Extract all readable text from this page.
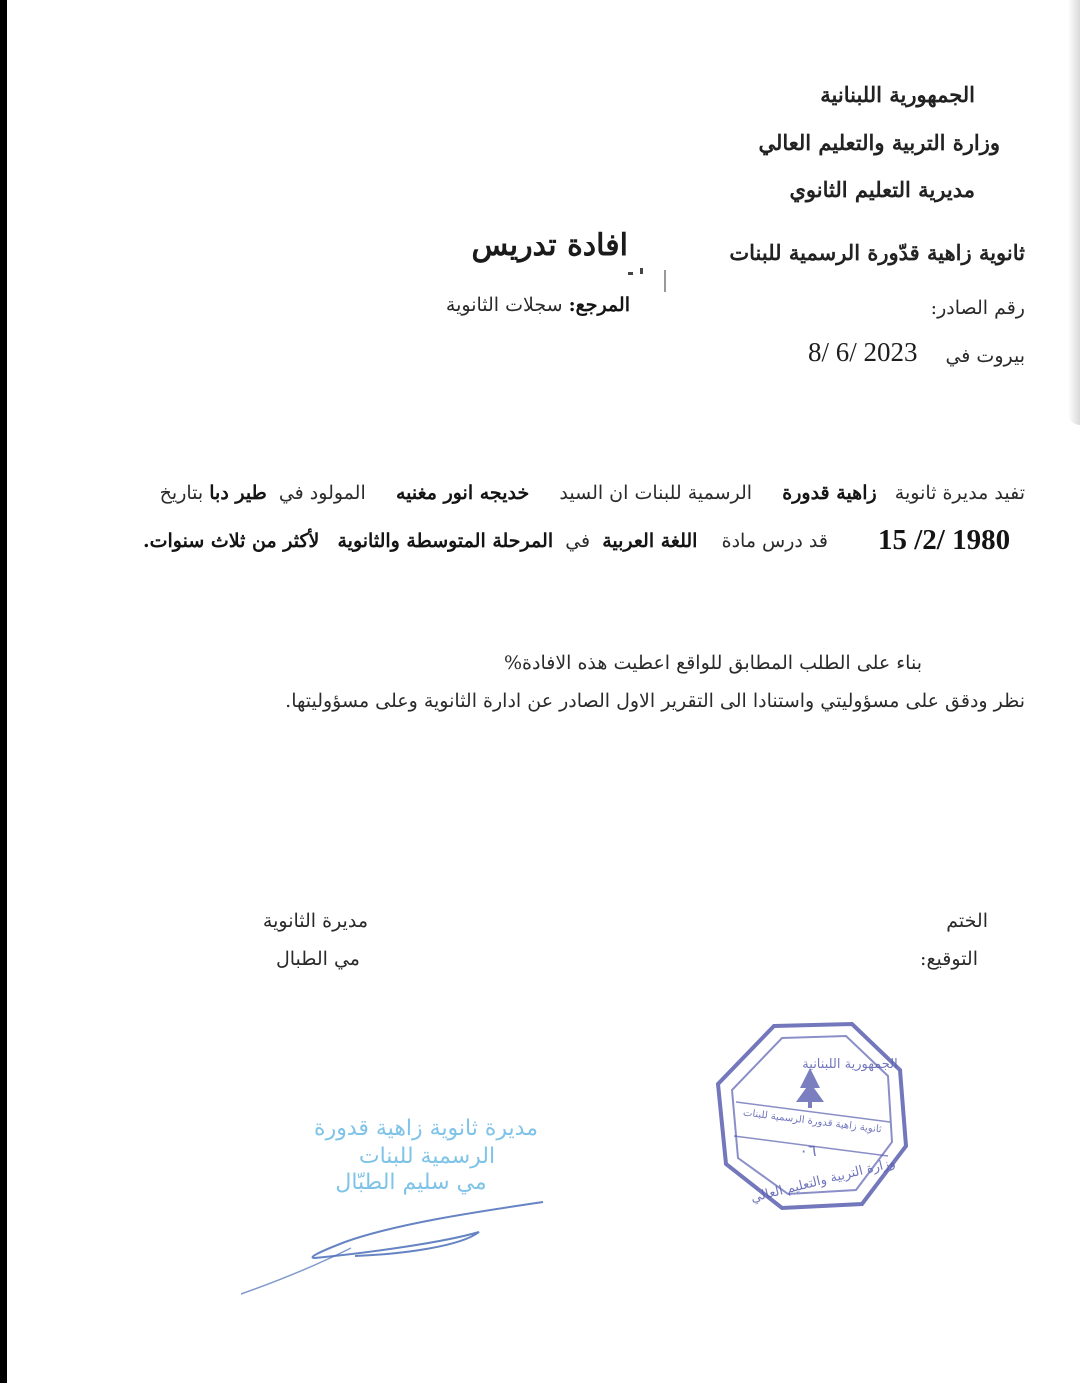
الجمهورية اللبنانية
وزارة التربية والتعليم العالي
مديرية التعليم الثانوي
ثانوية زاهية قدّورة الرسمية للبنات
افادة تدريس
المرجع: سجلات الثانوية	رقم الصادر:
بيروت في
8/ 6/ 2023
تفيد مديرة ثانوية   زاهية قدورة     الرسمية للبنات ان السيد     خديجه انور مغنيه     المولود في  طير دبا بتاريخ
15 /2/ 1980
قد درس مادة    اللغة العربية  في  المرحلة المتوسطة والثانوية   لأكثر من ثلاث سنوات.
بناء على الطلب المطابق للواقع اعطيت هذه الافادة%
نظر ودقق على مسؤوليتي واستنادا الى التقرير الاول الصادر عن ادارة الثانوية وعلى مسؤوليتها.
الختم
التوقيع:
مديرة الثانوية
مي الطبال
الجمهورية اللبنانية
ثانوية زاهية قدورة الرسمية للبنات
٠٦
وزارة التربية والتعليم العالي
مديرة ثانوية زاهية قدورة
الرسمية للبنات
مي سليم الطبّال
